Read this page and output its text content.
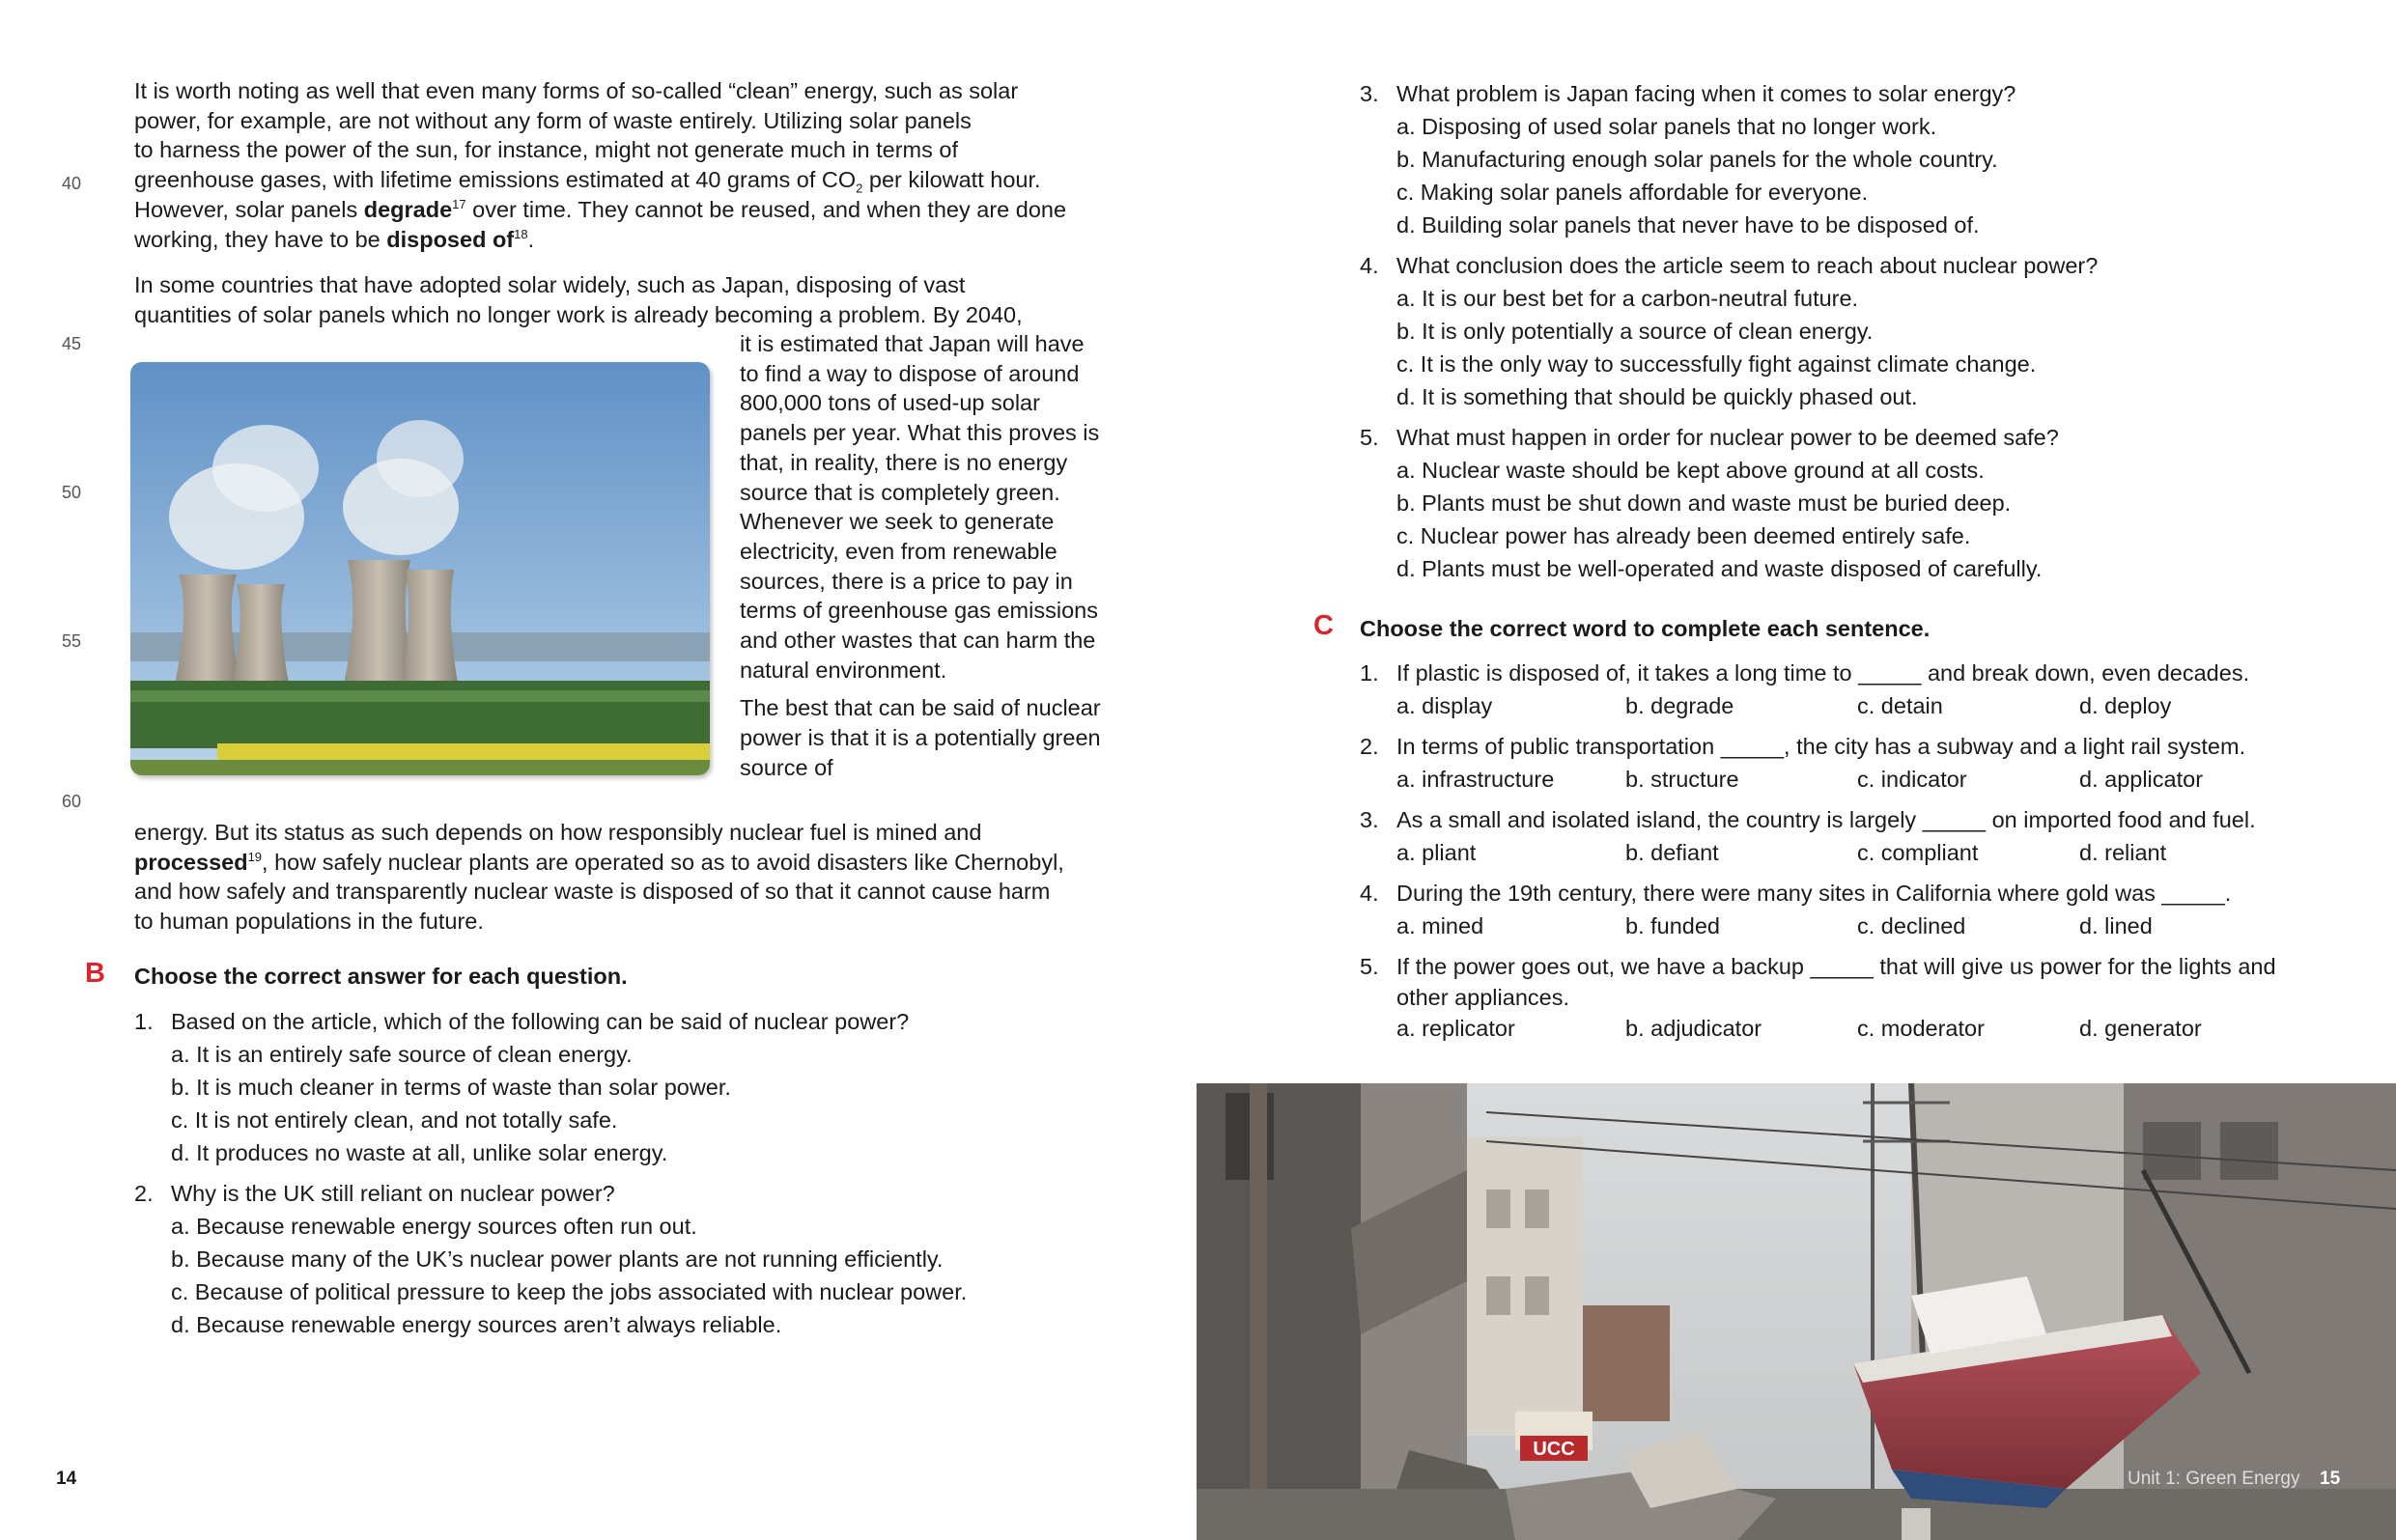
It is worth noting as well that even many forms of so-called “clean” energy, such as solar
power, for example, are not without any form of waste entirely. Utilizing solar panels
to harness the power of the sun, for instance, might not generate much in terms of
greenhouse gases, with lifetime emissions estimated at 40 grams of $CO_2$ per kilowatt hour.
However, solar panels degrade$^{17}$ over time. They cannot be reused, and when they are done
working, they have to be disposed $of^{18}$.
In some countries that have adopted solar widely, such as Japan, disposing of vast
quantities of solar panels which no longer work is already becoming a problem. By 2040,

it is estimated that Japan will have to find a way to dispose of around 800,000 tons of used-up solar panels per year. What this proves is that, in reality, there is no energy source that is completely green. Whenever we seek to generate electricity, even from renewable sources, there is a price to pay in terms of greenhouse gas emissions and other wastes that can harm the natural environment.

The best that can be said of nuclear power is that it is a potentially green source of

energy. But its status as such depends on how responsibly nuclear fuel is mined and
processed$^{19}$, how safely nuclear plants are operated so as to avoid disasters like Chernobyl,
and how safely and transparently nuclear waste is disposed of so that it cannot cause harm
to human populations in the future.
40
45
50
55
60
B Choose the correct answer for each question.
1. Based on the article, which of the following can be said of nuclear power?
a. It is an entirely safe source of clean energy.
b. It is much cleaner in terms of waste than solar power.
c. It is not entirely clean, and not totally safe.
d. It produces no waste at all, unlike solar energy.
2. Why is the UK still reliant on nuclear power?
a. Because renewable energy sources often run out.
b. Because many of the UK’s nuclear power plants are not running efficiently.
c. Because of political pressure to keep the jobs associated with nuclear power.
d. Because renewable energy sources aren’t always reliable.
14
3. What problem is Japan facing when it comes to solar energy?
a. Disposing of used solar panels that no longer work.
b. Manufacturing enough solar panels for the whole country.
c. Making solar panels affordable for everyone.
d. Building solar panels that never have to be disposed of.
4. What conclusion does the article seem to reach about nuclear power?
a. It is our best bet for a carbon-neutral future.
b. It is only potentially a source of clean energy.
c. It is the only way to successfully fight against climate change.
d. It is something that should be quickly phased out.
5. What must happen in order for nuclear power to be deemed safe?
a. Nuclear waste should be kept above ground at all costs.
b. Plants must be shut down and waste must be buried deep.
c. Nuclear power has already been deemed entirely safe.
d. Plants must be well-operated and waste disposed of carefully.
C Choose the correct word to complete each sentence.
1. If plastic is disposed of, it takes a long time to _____ and break down, even decades.
a. display	b. degrade	c. detain	d. deploy
2. In terms of public transportation _____, the city has a subway and a light rail system.
a. infrastructure	b. structure	c. indicator	d. applicator
3. As a small and isolated island, the country is largely _____ on imported food and fuel.
a. pliant	b. defiant	c. compliant	d. reliant
4. During the 19th century, there were many sites in California where gold was _____.
a. mined	b. funded	c. declined	d. lined
5. If the power goes out, we have a backup _____ that will give us power for the lights and
other appliances.
a. replicator	b. adjudicator	c. moderator	d. generator
UCC
Unit 1: Green Energy 15
